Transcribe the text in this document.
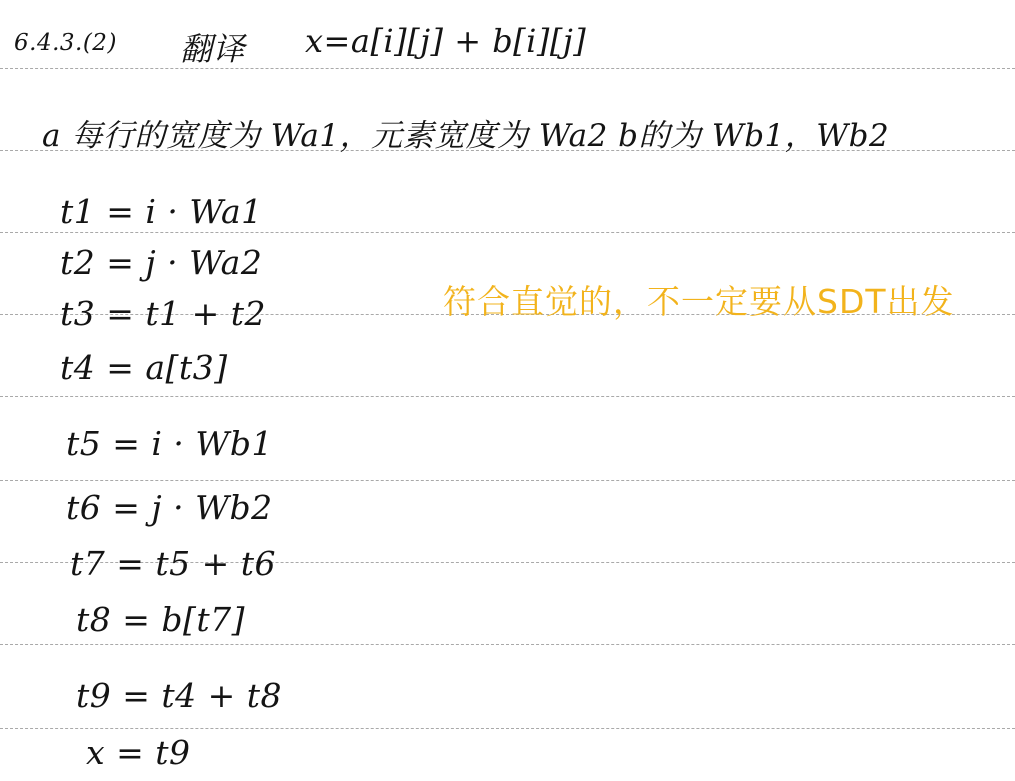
6.4.3.(2) 翻译 x=a[i][j] + b[i][j]
a 每行的宽度为 Wa1，元素宽度为 Wa2 b的为 Wb1，Wb2
t1 = i · Wa1
t2 = j · Wa2
t3 = t1 + t2
t4 = a[t3]
t5 = i · Wb1
t6 = j · Wb2
t7 = t5 + t6
t8 = b[t7]
t9 = t4 + t8
x = t9
符合直觉的，不一定要从SDT出发
